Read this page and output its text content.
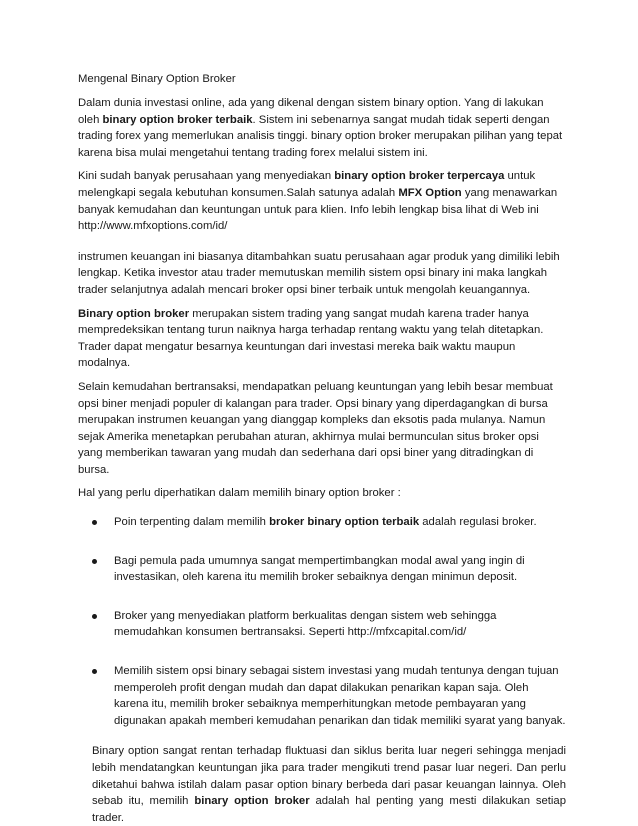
Mengenal Binary Option Broker

Dalam dunia investasi online, ada yang dikenal dengan sistem binary option. Yang di lakukan oleh binary option broker terbaik. Sistem ini sebenarnya sangat mudah tidak seperti dengan trading forex yang memerlukan analisis tinggi. binary option broker merupakan pilihan yang tepat karena bisa mulai mengetahui tentang trading forex melalui sistem ini.

Kini sudah banyak perusahaan yang menyediakan binary option broker terpercaya untuk melengkapi segala kebutuhan konsumen.Salah satunya adalah MFX Option yang menawarkan banyak kemudahan dan keuntungan untuk para klien. Info lebih lengkap bisa lihat di Web ini http://www.mfxoptions.com/id/

instrumen keuangan ini biasanya ditambahkan suatu perusahaan agar produk yang dimiliki lebih lengkap. Ketika investor atau trader memutuskan memilih sistem opsi binary ini maka langkah trader selanjutnya adalah mencari broker opsi biner terbaik untuk mengolah keuangannya.

Binary option broker merupakan sistem trading yang sangat mudah karena trader hanya mempredeksikan tentang turun naiknya harga terhadap rentang waktu yang telah ditetapkan. Trader dapat mengatur besarnya keuntungan dari investasi mereka baik waktu maupun modalnya.

Selain kemudahan bertransaksi, mendapatkan peluang keuntungan yang lebih besar membuat opsi biner menjadi populer di kalangan para trader. Opsi binary yang diperdagangkan di bursa merupakan instrumen keuangan yang dianggap kompleks dan eksotis pada mulanya. Namun sejak Amerika menetapkan perubahan aturan, akhirnya mulai bermunculan situs broker opsi yang memberikan tawaran yang mudah dan sederhana dari opsi biner yang ditradingkan di bursa.

Hal yang perlu diperhatikan dalam memilih binary option broker :

Poin terpenting dalam memilih broker binary option terbaik adalah regulasi broker.
Bagi pemula pada umumnya sangat mempertimbangkan modal awal yang ingin di investasikan, oleh karena itu memilih broker sebaiknya dengan minimun deposit.
Broker yang menyediakan platform berkualitas dengan sistem web sehingga memudahkan konsumen bertransaksi. Seperti http://mfxcapital.com/id/
Memilih sistem opsi binary sebagai sistem investasi yang mudah tentunya dengan tujuan memperoleh profit dengan mudah dan dapat dilakukan penarikan kapan saja. Oleh karena itu, memilih broker sebaiknya memperhitungkan metode pembayaran yang digunakan apakah memberi kemudahan penarikan dan tidak memiliki syarat yang banyak.

Binary option sangat rentan terhadap fluktuasi dan siklus berita luar negeri sehingga menjadi lebih mendatangkan keuntungan jika para trader mengikuti trend pasar luar negeri. Dan perlu diketahui bahwa istilah dalam pasar option binary berbeda dari pasar keuangan lainnya. Oleh sebab itu, memilih binary option broker adalah hal penting yang mesti dilakukan setiap trader.
